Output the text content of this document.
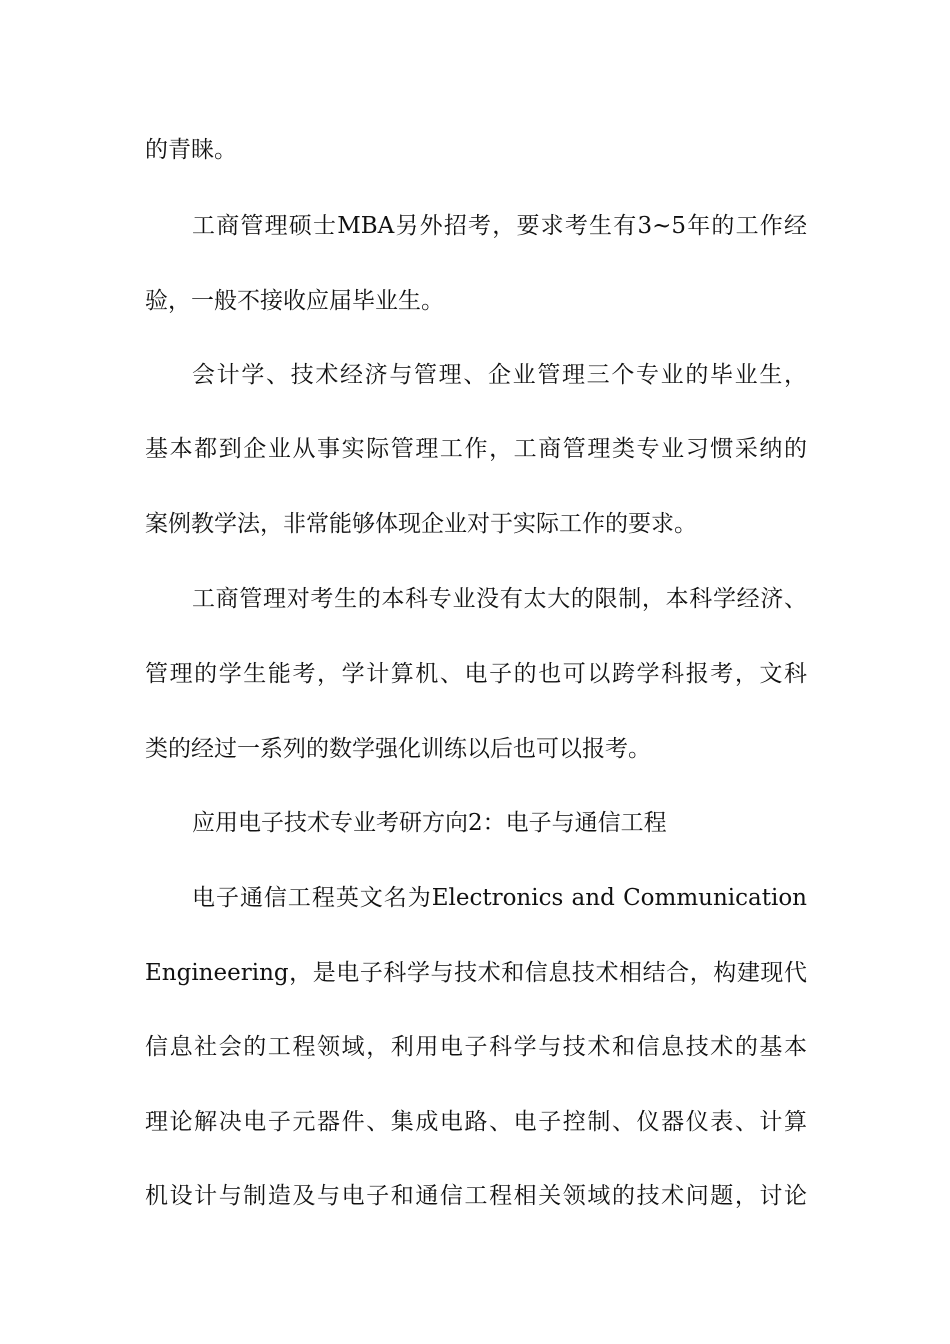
的青睐。
工商管理硕士MBA另外招考，要求考生有3~5年的工作经
验，一般不接收应届毕业生。
会计学、技术经济与管理、企业管理三个专业的毕业生，
基本都到企业从事实际管理工作，工商管理类专业习惯采纳的
案例教学法，非常能够体现企业对于实际工作的要求。
工商管理对考生的本科专业没有太大的限制，本科学经济、
管理的学生能考，学计算机、电子的也可以跨学科报考，文科
类的经过一系列的数学强化训练以后也可以报考。
应用电子技术专业考研方向2：电子与通信工程
电子通信工程英文名为Electronics and Communication
Engineering，是电子科学与技术和信息技术相结合，构建现代
信息社会的工程领域，利用电子科学与技术和信息技术的基本
理论解决电子元器件、集成电路、电子控制、仪器仪表、计算
机设计与制造及与电子和通信工程相关领域的技术问题，讨论
